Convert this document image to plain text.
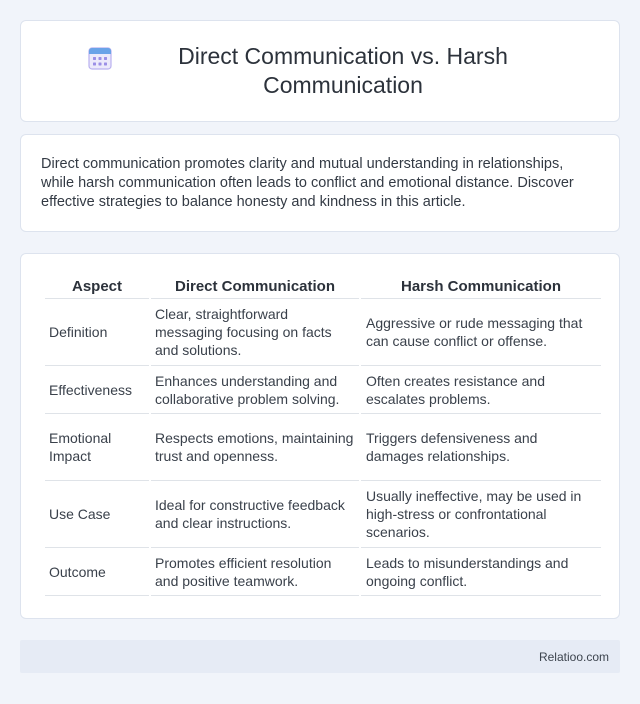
Direct Communication vs. Harsh Communication

Direct communication promotes clarity and mutual understanding in relationships, while harsh communication often leads to conflict and emotional distance. Discover effective strategies to balance honesty and kindness in this article.

Aspect	Direct Communication	Harsh Communication
Definition	Clear, straightforward messaging focusing on facts and solutions.	Aggressive or rude messaging that can cause conflict or offense.
Effectiveness	Enhances understanding and collaborative problem solving.	Often creates resistance and escalates problems.
Emotional Impact	Respects emotions, maintaining trust and openness.	Triggers defensiveness and damages relationships.
Use Case	Ideal for constructive feedback and clear instructions.	Usually ineffective, may be used in high-stress or confrontational scenarios.
Outcome	Promotes efficient resolution and positive teamwork.	Leads to misunderstandings and ongoing conflict.
Relatioo.com
